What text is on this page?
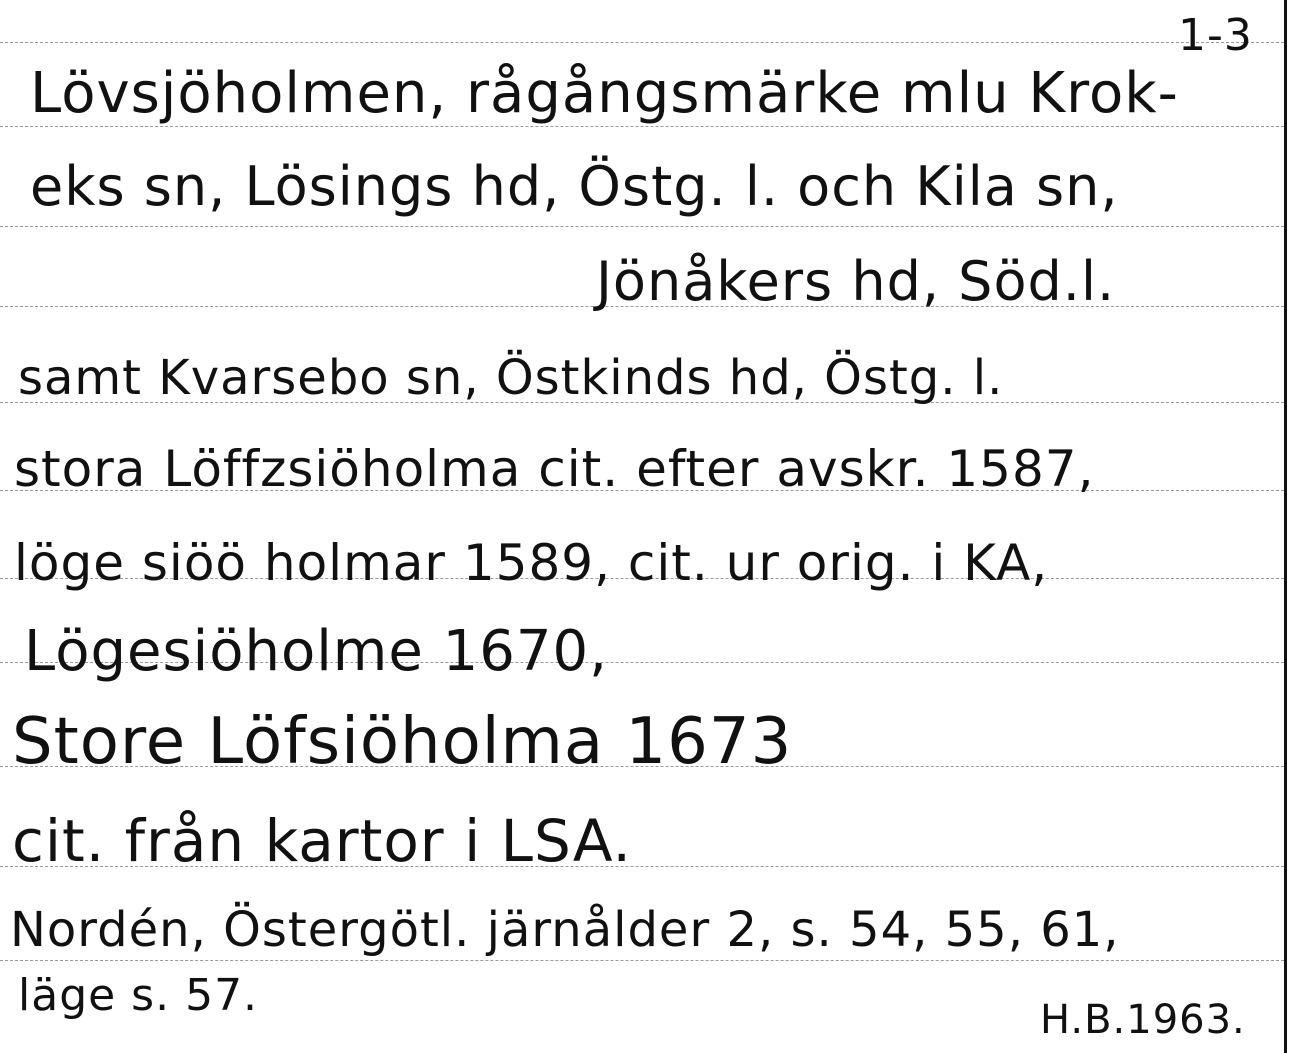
1-3
Lövsjöholmen, rågångsmärke mlu Krok-
eks sn, Lösings hd, Östg. l. och Kila sn,
Jönåkers hd, Söd.l.
samt Kvarsebo sn, Östkinds hd, Östg. l.
stora Löffzsiöholma cit. efter avskr. 1587,
löge siöö holmar 1589, cit. ur orig. i KA,
Lögesiöholme 1670,
Store Löfsiöholma 1673
cit. från kartor i LSA.
Nordén, Östergötl. järnålder 2, s. 54, 55, 61,
läge s. 57.	H.B.1963.
